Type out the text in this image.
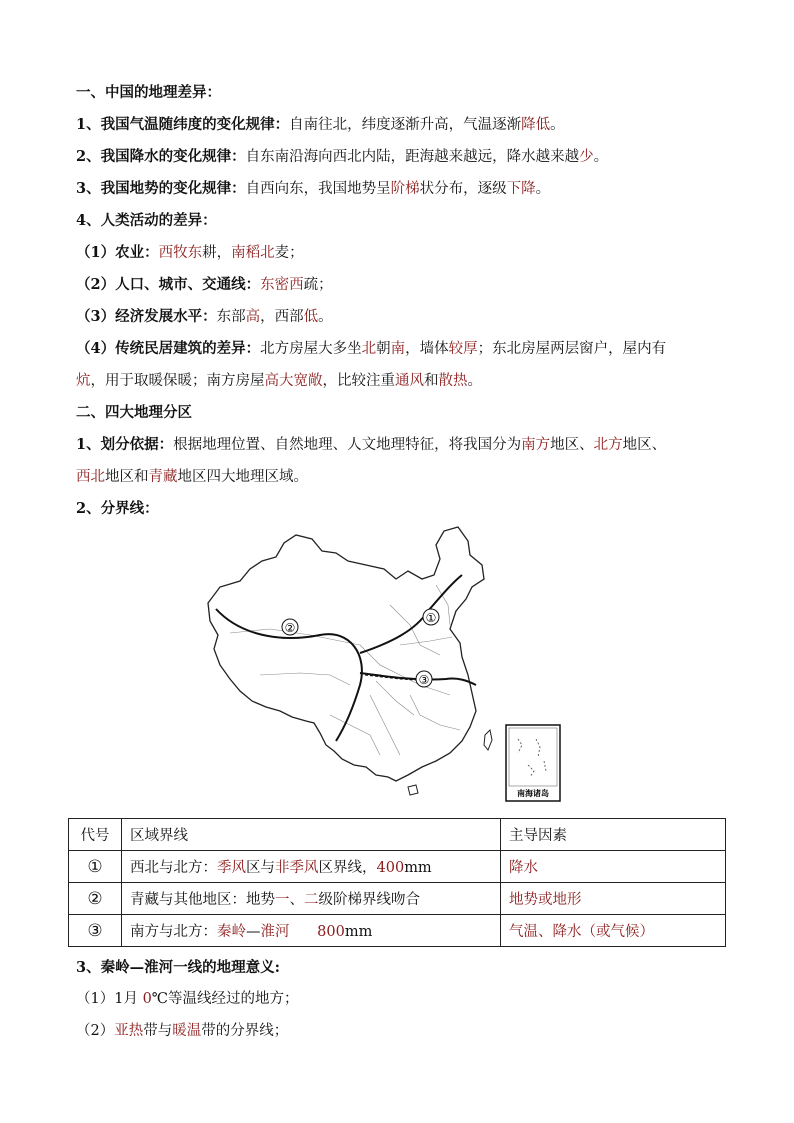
一、中国的地理差异：
1、我国气温随纬度的变化规律：自南往北，纬度逐渐升高，气温逐渐降低。
2、我国降水的变化规律：自东南沿海向西北内陆，距海越来越远，降水越来越少。
3、我国地势的变化规律：自西向东，我国地势呈阶梯状分布，逐级下降。
4、人类活动的差异：
（1）农业：西牧东耕，南稻北麦；
（2）人口、城市、交通线：东密西疏；
（3）经济发展水平：东部高，西部低。
（4）传统民居建筑的差异：北方房屋大多坐北朝南，墙体较厚；东北房屋两层窗户，屋内有
炕，用于取暖保暖；南方房屋高大宽敞，比较注重通风和散热。
二、四大地理分区
1、划分依据：根据地理位置、自然地理、人文地理特征，将我国分为南方地区、北方地区、
西北地区和青藏地区四大地理区域。
2、分界线：
①
②
③
南海诸岛
代号	区域界线	主导因素
①	西北与北方：季风区与非季风区界线，400mm	降水
②	青藏与其他地区：地势一、二级阶梯界线吻合	地势或地形
③	南方与北方：秦岭—淮河 800mm	气温、降水（或气候）
3、秦岭—淮河一线的地理意义:
（1）1月 0℃等温线经过的地方；
（2）亚热带与暖温带的分界线；
